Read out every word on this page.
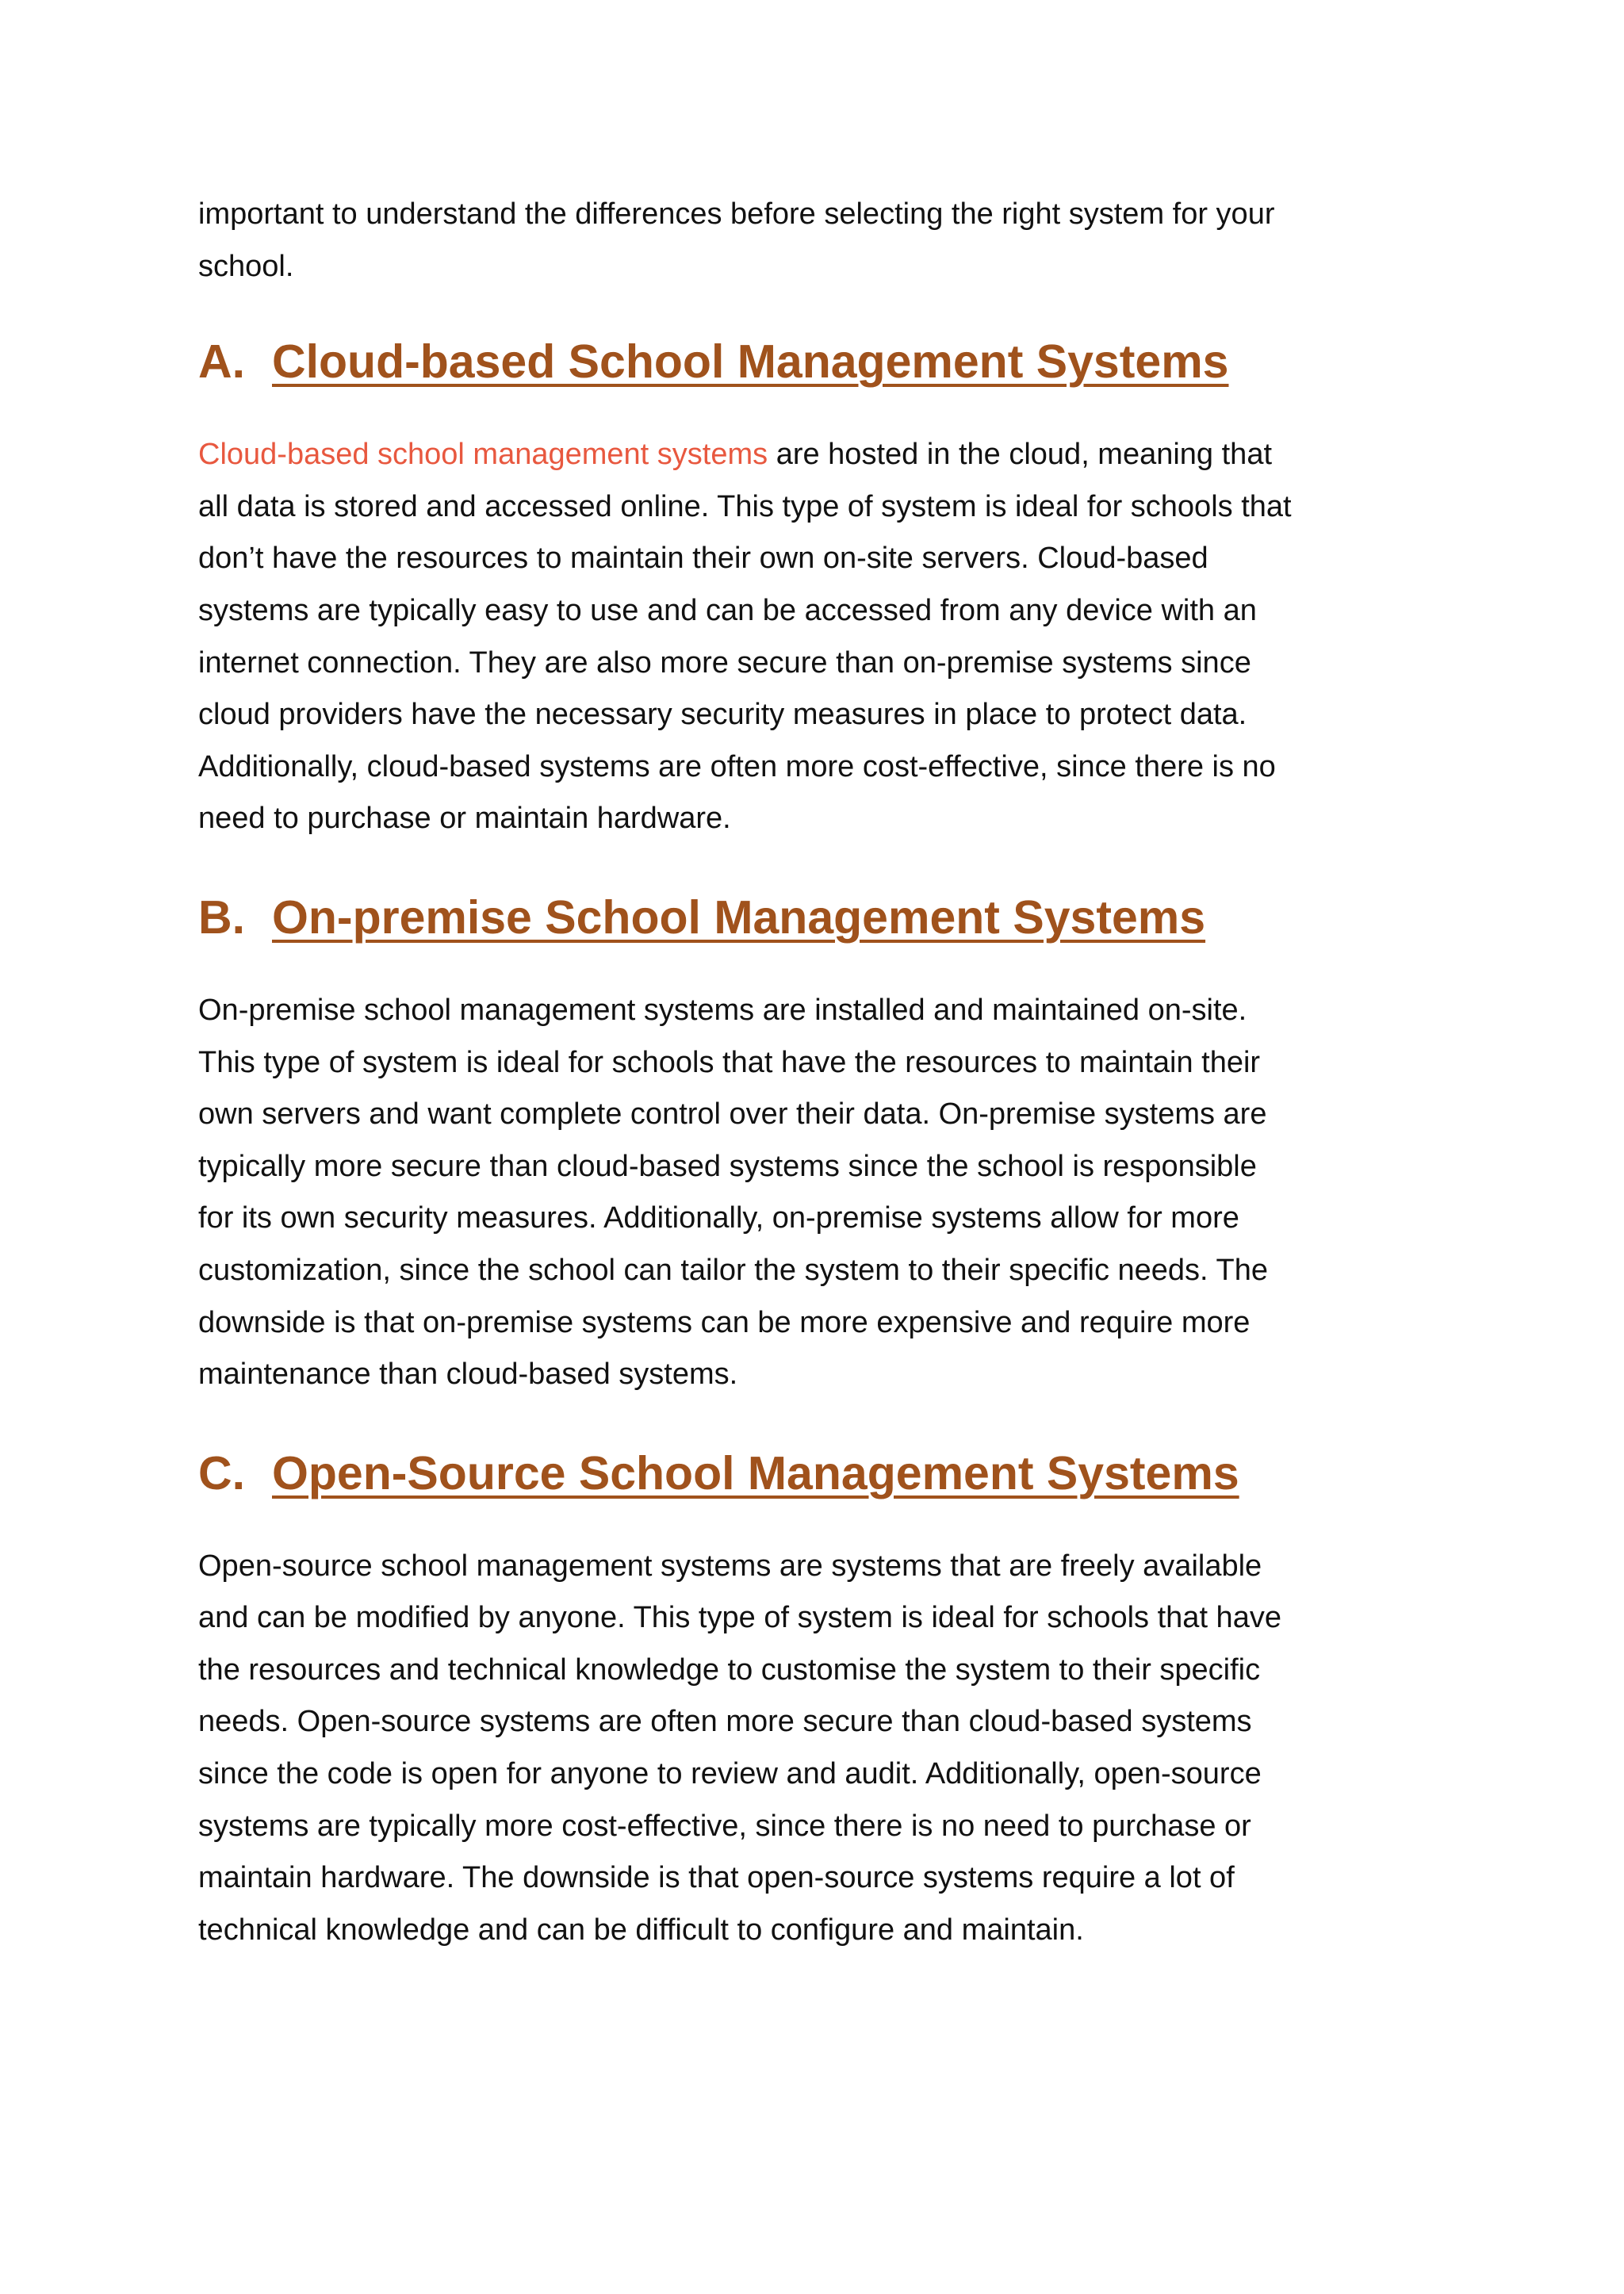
important to understand the differences before selecting the right system for your school.

A. Cloud-based School Management Systems

Cloud-based school management systems are hosted in the cloud, meaning that all data is stored and accessed online. This type of system is ideal for schools that don’t have the resources to maintain their own on-site servers. Cloud-based systems are typically easy to use and can be accessed from any device with an internet connection. They are also more secure than on-premise systems since cloud providers have the necessary security measures in place to protect data. Additionally, cloud-based systems are often more cost-effective, since there is no need to purchase or maintain hardware.

B. On-premise School Management Systems

On-premise school management systems are installed and maintained on-site. This type of system is ideal for schools that have the resources to maintain their own servers and want complete control over their data. On-premise systems are typically more secure than cloud-based systems since the school is responsible for its own security measures. Additionally, on-premise systems allow for more customization, since the school can tailor the system to their specific needs. The downside is that on-premise systems can be more expensive and require more maintenance than cloud-based systems.

C. Open-Source School Management Systems

Open-source school management systems are systems that are freely available and can be modified by anyone. This type of system is ideal for schools that have the resources and technical knowledge to customise the system to their specific needs. Open-source systems are often more secure than cloud-based systems since the code is open for anyone to review and audit. Additionally, open-source systems are typically more cost-effective, since there is no need to purchase or maintain hardware. The downside is that open-source systems require a lot of technical knowledge and can be difficult to configure and maintain.
